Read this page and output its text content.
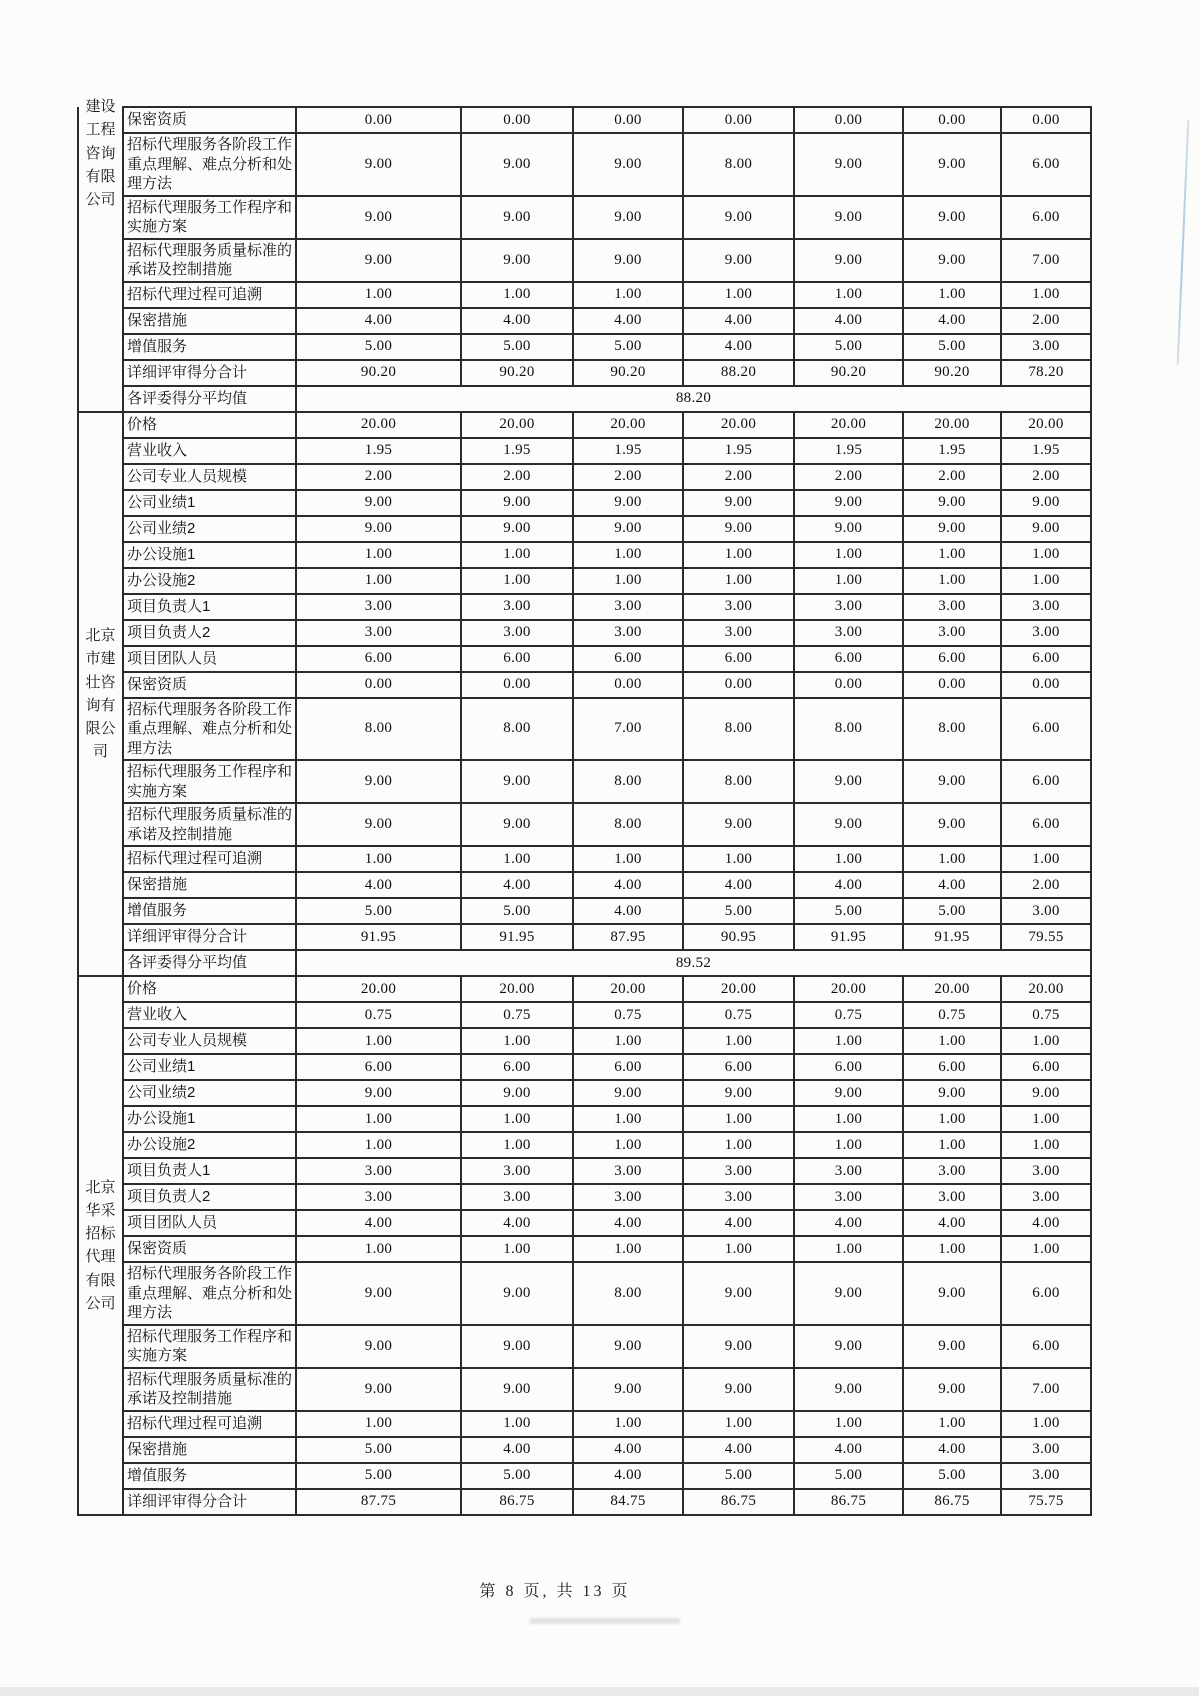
建设工程咨询有限公司	保密资质	0.00	0.00	0.00	0.00	0.00	0.00	0.00
	招标代理服务各阶段工作重点理解、难点分析和处理方法	9.00	9.00	9.00	8.00	9.00	9.00	6.00
	招标代理服务工作程序和实施方案	9.00	9.00	9.00	9.00	9.00	9.00	6.00
	招标代理服务质量标准的承诺及控制措施	9.00	9.00	9.00	9.00	9.00	9.00	7.00
	招标代理过程可追溯	1.00	1.00	1.00	1.00	1.00	1.00	1.00
	保密措施	4.00	4.00	4.00	4.00	4.00	4.00	2.00
	增值服务	5.00	5.00	5.00	4.00	5.00	5.00	3.00
	详细评审得分合计	90.20	90.20	90.20	88.20	90.20	90.20	78.20
	各评委得分平均值	88.20						

北京市建壮咨询有限公司	价格	20.00	20.00	20.00	20.00	20.00	20.00	20.00
	营业收入	1.95	1.95	1.95	1.95	1.95	1.95	1.95
	公司专业人员规模	2.00	2.00	2.00	2.00	2.00	2.00	2.00
	公司业绩1	9.00	9.00	9.00	9.00	9.00	9.00	9.00
	公司业绩2	9.00	9.00	9.00	9.00	9.00	9.00	9.00
	办公设施1	1.00	1.00	1.00	1.00	1.00	1.00	1.00
	办公设施2	1.00	1.00	1.00	1.00	1.00	1.00	1.00
	项目负责人1	3.00	3.00	3.00	3.00	3.00	3.00	3.00
	项目负责人2	3.00	3.00	3.00	3.00	3.00	3.00	3.00
	项目团队人员	6.00	6.00	6.00	6.00	6.00	6.00	6.00
	保密资质	0.00	0.00	0.00	0.00	0.00	0.00	0.00
	招标代理服务各阶段工作重点理解、难点分析和处理方法	8.00	8.00	7.00	8.00	8.00	8.00	6.00
	招标代理服务工作程序和实施方案	9.00	9.00	8.00	8.00	9.00	9.00	6.00
	招标代理服务质量标准的承诺及控制措施	9.00	9.00	8.00	9.00	9.00	9.00	6.00
	招标代理过程可追溯	1.00	1.00	1.00	1.00	1.00	1.00	1.00
	保密措施	4.00	4.00	4.00	4.00	4.00	4.00	2.00
	增值服务	5.00	5.00	4.00	5.00	5.00	5.00	3.00
	详细评审得分合计	91.95	91.95	87.95	90.95	91.95	91.95	79.55
	各评委得分平均值	89.52						

北京华采招标代理有限公司	价格	20.00	20.00	20.00	20.00	20.00	20.00	20.00
	营业收入	0.75	0.75	0.75	0.75	0.75	0.75	0.75
	公司专业人员规模	1.00	1.00	1.00	1.00	1.00	1.00	1.00
	公司业绩1	6.00	6.00	6.00	6.00	6.00	6.00	6.00
	公司业绩2	9.00	9.00	9.00	9.00	9.00	9.00	9.00
	办公设施1	1.00	1.00	1.00	1.00	1.00	1.00	1.00
	办公设施2	1.00	1.00	1.00	1.00	1.00	1.00	1.00
	项目负责人1	3.00	3.00	3.00	3.00	3.00	3.00	3.00
	项目负责人2	3.00	3.00	3.00	3.00	3.00	3.00	3.00
	项目团队人员	4.00	4.00	4.00	4.00	4.00	4.00	4.00
	保密资质	1.00	1.00	1.00	1.00	1.00	1.00	1.00
	招标代理服务各阶段工作重点理解、难点分析和处理方法	9.00	9.00	8.00	9.00	9.00	9.00	6.00
	招标代理服务工作程序和实施方案	9.00	9.00	9.00	9.00	9.00	9.00	6.00
	招标代理服务质量标准的承诺及控制措施	9.00	9.00	9.00	9.00	9.00	9.00	7.00
	招标代理过程可追溯	1.00	1.00	1.00	1.00	1.00	1.00	1.00
	保密措施	5.00	4.00	4.00	4.00	4.00	4.00	3.00
	增值服务	5.00	5.00	4.00	5.00	5.00	5.00	3.00
	详细评审得分合计	87.75	86.75	84.75	86.75	86.75	86.75	75.75
第 8 页, 共 13 页
